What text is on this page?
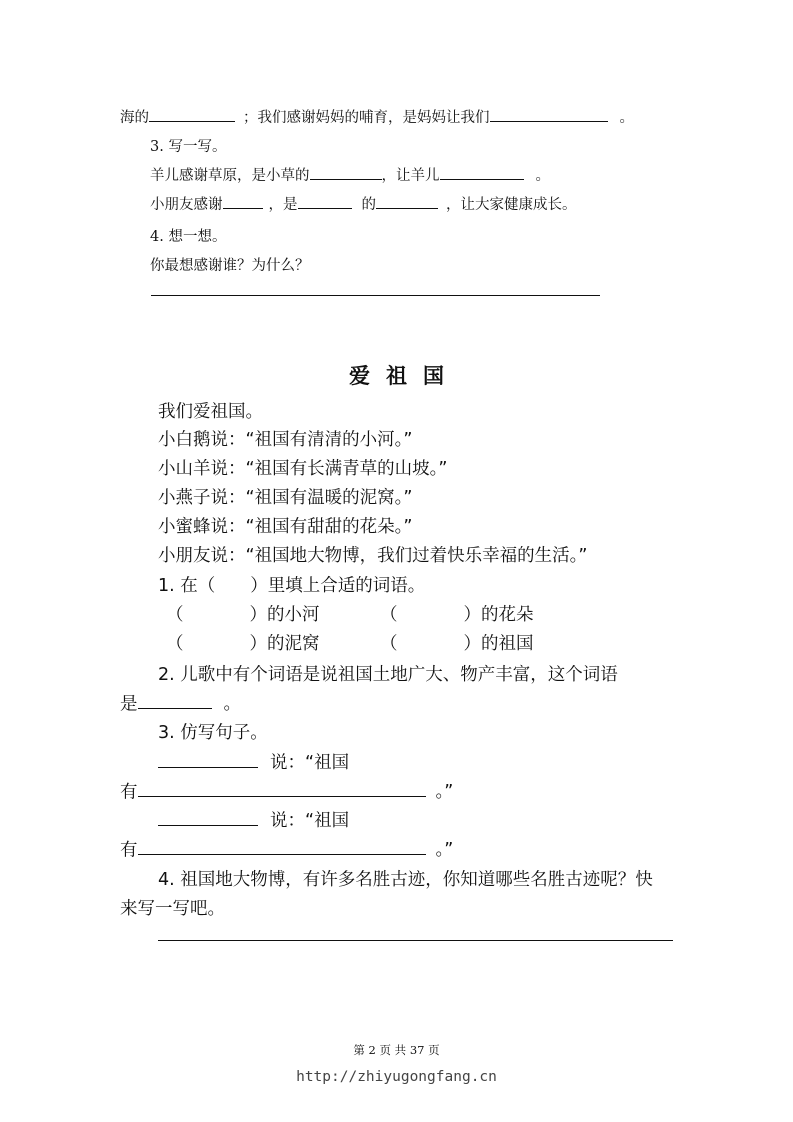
海的	；我们感谢妈妈的哺育，是妈妈让我们	。
3. 写一写。
羊儿感谢草原，是小草的	，让羊儿	。
小朋友感谢	，是	的	，让大家健康成长。
4. 想一想。
你最想感谢谁？为什么？
爱祖国
我们爱祖国。
小白鹅说：“祖国有清清的小河。”
小山羊说：“祖国有长满青草的山坡。”
小燕子说：“祖国有温暖的泥窝。”
小蜜蜂说：“祖国有甜甜的花朵。”
小朋友说：“祖国地大物博，我们过着快乐幸福的生活。”
1. 在（　　）里填上合适的词语。
（	）的小河	（	）的花朵
（	）的泥窝	（	）的祖国
2. 儿歌中有个词语是说祖国土地广大、物产丰富，这个词语
是	。
3. 仿写句子。
说：“祖国
有	。”
说：“祖国
有	。”
4. 祖国地大物博，有许多名胜古迹，你知道哪些名胜古迹呢？快
来写一写吧。
第 2 页 共 37 页
http://zhiyugongfang.cn
